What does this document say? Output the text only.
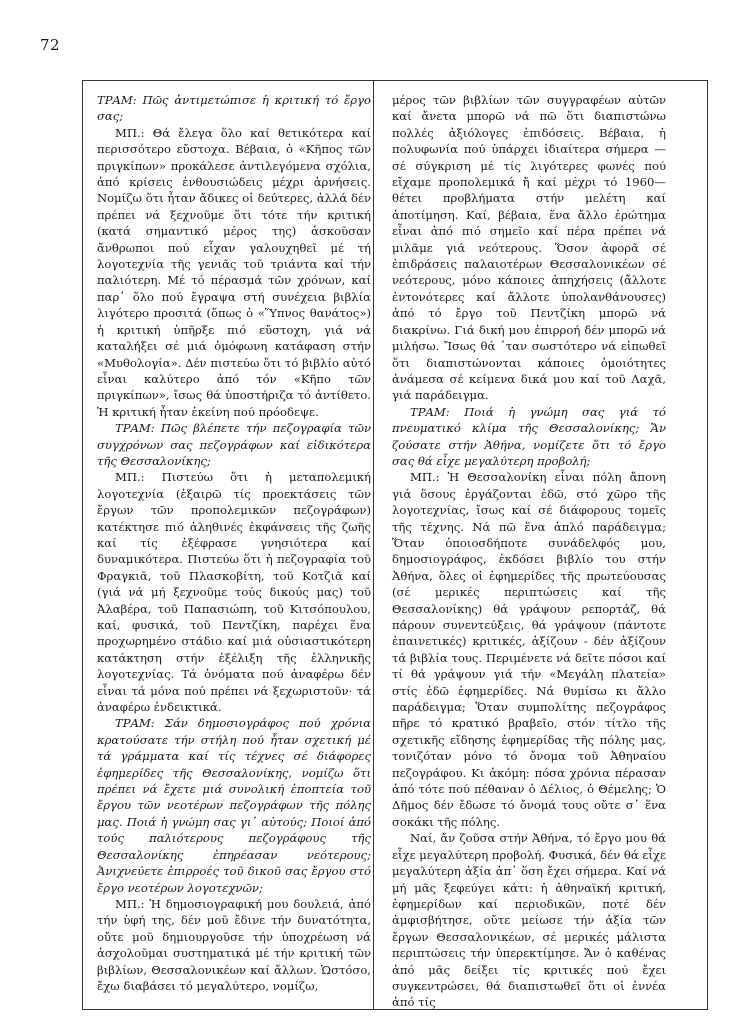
72

ΤΡΑΜ: Πῶς ἀντιμετώπισε ἡ κριτική τό ἔργο σας;

ΜΠ.: Θά ἔλεγα ὅλο καί θετικότερα καί περισσότερο εὔστοχα. Βέβαια, ὁ «Κῆπος τῶν πριγκίπων» προκάλεσε ἀντιλεγόμενα σχόλια, ἀπό κρίσεις ἐνθουσιώδεις μέχρι ἀρνήσεις. Νομίζω ὅτι ἦταν ἄδικες οἱ δεύτερες, ἀλλά δέν πρέπει νά ξεχνοῦμε ὅτι τότε τήν κριτική (κατά σημαντικό μέρος της) ἀσκοῦσαν ἄνθρωποι πού εἶχαν γαλουχηθεῖ μέ τή λογοτεχνία τῆς γενιᾶς τοῦ τριάντα καί τήν παλιότερη. Μέ τό πέρασμά τῶν χρόνων, καί παρ᾽ ὅλο πού ἔγραψα στή συνέχεια βιβλία λιγότερο προσιτά (ὅπως ὁ «Ὕπνος θανάτος») ἡ κριτική ὑπῆρξε πιό εὔστοχη, γιά νά καταλήξει σέ μιά ὁμόφωνη κατάφαση στήν «Μυθολογία». Δέν πιστεύω ὅτι τό βιβλίο αὐτό εἶναι καλύτερο ἀπό τόν «Κῆπο τῶν πριγκίπων», ἴσως θά ὑποστήριζα τό ἀντίθετο. Ἡ κριτική ἦταν ἐκείνη πού πρόοδεψε.

ΤΡΑΜ: Πῶς βλέπετε τήν πεζογραφία τῶν συγχρόνων σας πεζογράφων καί εἰδικότερα τῆς Θεσσαλονίκης;

ΜΠ.: Πιστεύω ὅτι ἡ μεταπολεμική λογοτεχνία (ἐξαιρῶ τίς προεκτάσεις τῶν ἔργων τῶν προπολεμικῶν πεζογράφων) κατέκτησε πιό ἀληθινές ἐκφάνσεις τῆς ζωῆς καί τίς ἐξέφρασε γνησιότερα καί δυναμικότερα. Πιστεύω ὅτι ἡ πεζογραφία τοῦ Φραγκιᾶ, τοῦ Πλασκοβίτη, τοῦ Κοτζιᾶ καί (γιά νά μή ξεχνοῦμε τούς δικούς μας) τοῦ Ἀλαβέρα, τοῦ Παπασιώπη, τοῦ Κιτσόπουλου, καί, φυσικά, τοῦ Πεντζίκη, παρέχει ἕνα προχωρημένο στάδιο καί μιά οὐσιαστικότερη κατάκτηση στήν ἐξέλιξη τῆς ἑλληνικῆς λογοτεχνίας. Τά ὀνόματα πού ἀναφέρω δέν εἶναι τά μόνα πού πρέπει νά ξεχωριστοῦν· τά ἀναφέρω ἐνδεικτικά.

ΤΡΑΜ: Σάν δημοσιογράφος πού χρόνια κρατούσατε τήν στήλη πού ἦταν σχετική μέ τά γράμματα καί τίς τέχνες σέ διάφορες ἐφημερίδες τῆς Θεσσαλονίκης, νομίζω ὅτι πρέπει νά ἔχετε μιά συνολική ἐποπτεία τοῦ ἔργου τῶν νεοτέρων πεζογράφων τῆς πόλης μας. Ποιά ἡ γνώμη σας γι᾽ αὐτούς; Ποιοί ἀπό τούς παλιότερους πεζογράφους τῆς Θεσσαλονίκης ἐπηρέασαν νεότερους; Ἀνιχνεύετε ἐπιρροές τοῦ δικοῦ σας ἔργου στό ἔργο νεοτέρων λογοτεχνῶν;

ΜΠ.: Ἡ δημοσιογραφική μου δουλειά, ἀπό τήν ὑφή της, δέν μοῦ ἔδινε τήν δυνατότητα, οὔτε μοῦ δημιουργοῦσε τήν ὑποχρέωση νά ἀσχολοῦμαι συστηματικά μέ τήν κριτική τῶν βιβλίων, Θεσσαλονικέων καί ἄλλων. Ὡστόσο, ἔχω διαβάσει τό μεγαλύτερο, νομίζω,

μέρος τῶν βιβλίων τῶν συγγραφέων αὐτῶν καί ἄνετα μπορῶ νά πῶ ὅτι διαπιστώνω πολλές ἀξιόλογες ἐπιδόσεις. Βέβαια, ἡ πολυφωνία πού ὑπάρχει ἰδιαίτερα σήμερα —σέ σύγκριση μέ τίς λιγότερες φωνές πού εἴχαμε προπολεμικά ἤ καί μέχρι τό 1960— θέτει προβλήματα στήν μελέτη καί ἀποτίμηση. Καί, βέβαια, ἕνα ἄλλο ἐρώτημα εἶναι ἀπό πιό σημεῖο καί πέρα πρέπει νά μιλᾶμε γιά νεότερους. Ὅσον ἀφορᾶ σέ ἐπιδράσεις παλαιοτέρων Θεσσαλονικέων σέ νεότερους, μόνο κάποιες ἀπηχήσεις (ἄλλοτε ἐντονότερες καί ἄλλοτε ὑπολανθάνουσες) ἀπό τό ἔργο τοῦ Πεντζίκη μπορῶ νά διακρίνω. Γιά δική μου ἐπιρροή δέν μπορῶ νά μιλήσω. Ἴσως θά ᾽ταν σωστότερο νά εἰπωθεῖ ὅτι διαπιστώνονται κάποιες ὁμοιότητες ἀνάμεσα σέ κείμενα δικά μου καί τοῦ Λαχᾶ, γιά παράδειγμα.

ΤΡΑΜ: Ποιά ἡ γνώμη σας γιά τό πνευματικό κλίμα τῆς Θεσσαλονίκης; Ἄν ζούσατε στήν Ἀθήνα, νομίζετε ὅτι τό ἔργο σας θά εἶχε μεγαλύτερη προβολή;

ΜΠ.: Ἡ Θεσσαλονίκη εἶναι πόλη ἄπονη γιά ὅσους ἐργάζονται ἐδῶ, στό χῶρο τῆς λογοτεχνίας, ἴσως καί σέ διάφορους τομεῖς τῆς τέχνης. Νά πῶ ἕνα ἁπλό παράδειγμα; Ὅταν ὁποιοσδήποτε συνάδελφός μου, δημοσιογράφος, ἐκδόσει βιβλίο του στήν Ἀθήνα, ὅλες οἱ ἐφημερίδες τῆς πρωτεύουσας (σέ μερικές περιπτώσεις καί τῆς Θεσσαλονίκης) θά γράψουν ρεπορτάζ, θά πάρουν συνεντεύξεις, θά γράψουν (πάντοτε ἐπαινετικές) κριτικές, ἀξίζουν - δέν ἀξίζουν τά βιβλία τους. Περιμένετε νά δεῖτε πόσοι καί τί θά γράψουν γιά τήν «Μεγάλη πλατεία» στίς ἐδῶ ἐφημερίδες. Νά θυμίσω κι ἄλλο παράδειγμα; Ὅταν συμπολίτης πεζογράφος πῆρε τό κρατικό βραβεῖο, στόν τίτλο τῆς σχετικῆς εἴδησης ἐφημερίδας τῆς πόλης μας, τονιζόταν μόνο τό ὄνομα τοῦ Ἀθηναίου πεζογράφου. Κι ἀκόμη: πόσα χρόνια πέρασαν ἀπό τότε πού πέθαναν ὁ Δέλιος, ὁ Θέμελης; Ὁ Δῆμος δέν ἔδωσε τό ὄνομά τους οὔτε σ᾽ ἕνα σοκάκι τῆς πόλης.

Ναί, ἄν ζοῦσα στήν Ἀθήνα, τό ἔργο μου θά εἶχε μεγαλύτερη προβολή. Φυσικά, δέν θά εἶχε μεγαλύτερη ἀξία ἀπ᾽ ὅση ἔχει σήμερα. Καί νά μή μᾶς ξεφεύγει κάτι: ἡ ἀθηναϊκή κριτική, ἐφημερίδων καί περιοδικῶν, ποτέ δέν ἀμφισβήτησε, οὔτε μείωσε τήν ἀξία τῶν ἔργων Θεσσαλονικέων, σέ μερικές μάλιστα περιπτώσεις τήν ὑπερεκτίμησε. Ἄν ὁ καθένας ἀπό μᾶς δείξει τίς κριτικές πού ἔχει συγκεντρώσει, θά διαπιστωθεῖ ὅτι οἱ ἐννέα ἀπό τίς
